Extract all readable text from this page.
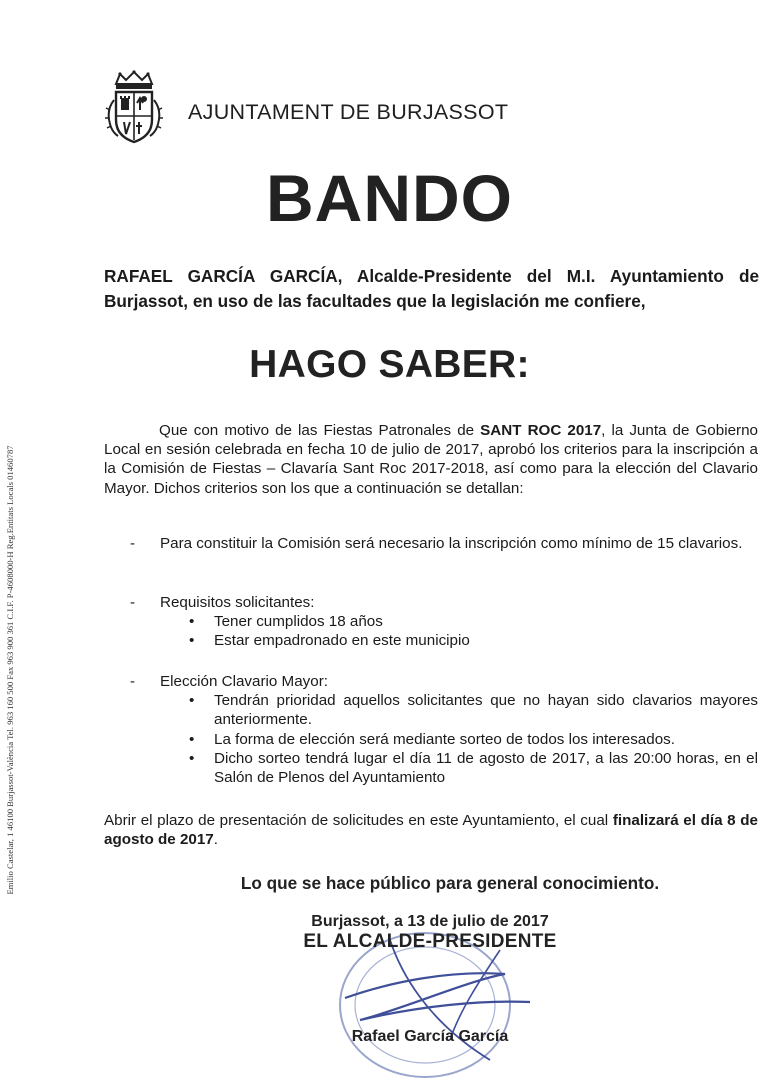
Emilio Castelar, 1 46100 Burjassot-València Tel. 963 160 500 Fax 963 900 361 C.I.F. P-4608000-H Reg.Entitats Locals 01460787
AJUNTAMENT DE BURJASSOT
BANDO
RAFAEL GARCÍA GARCÍA, Alcalde-Presidente del M.I. Ayuntamiento de Burjassot, en uso de las facultades que la legislación me confiere,
HAGO SABER:
Que con motivo de las Fiestas Patronales de SANT ROC 2017, la Junta de Gobierno Local en sesión celebrada en fecha 10 de julio de 2017, aprobó los criterios para la inscripción a la Comisión de Fiestas – Clavaría Sant Roc 2017-2018, así como para la elección del Clavario Mayor. Dichos criterios son los que a continuación se detallan:
- Para constituir la Comisión será necesario la inscripción como mínimo de 15 clavarios.
- Requisitos solicitantes:
• Tener cumplidos 18 años
• Estar empadronado en este municipio
- Elección Clavario Mayor:
• Tendrán prioridad aquellos solicitantes que no hayan sido clavarios mayores anteriormente.
• La forma de elección será mediante sorteo de todos los interesados.
• Dicho sorteo tendrá lugar el día 11 de agosto de 2017, a las 20:00 horas, en el Salón de Plenos del Ayuntamiento
Abrir el plazo de presentación de solicitudes en este Ayuntamiento, el cual finalizará el día 8 de agosto de 2017.
Lo que se hace público para general conocimiento.
Burjassot, a 13 de julio de 2017
EL ALCALDE-PRESIDENTE
Rafael García García
